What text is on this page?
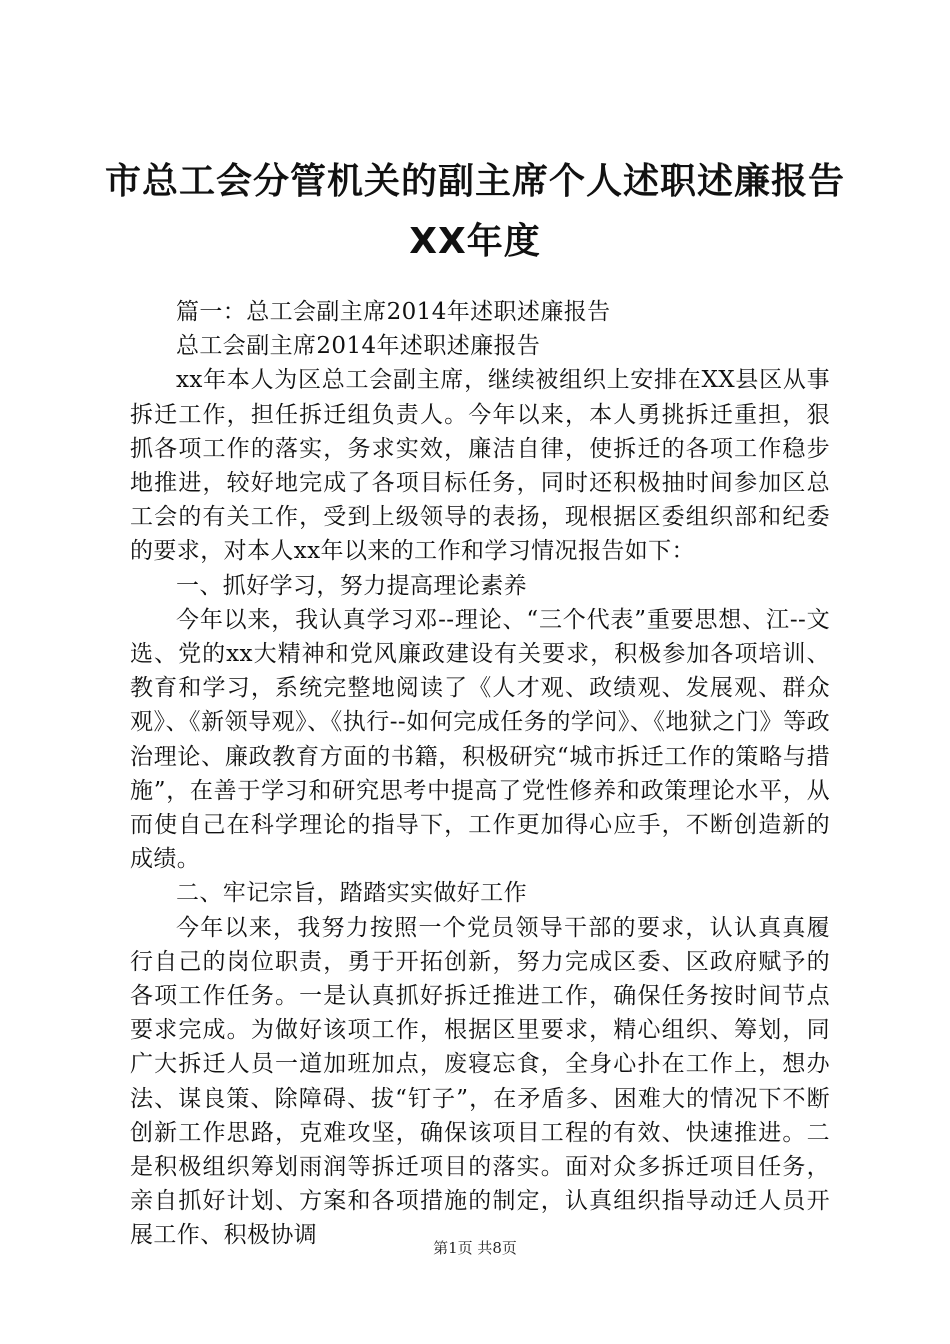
市总工会分管机关的副主席个人述职述廉报告
XX年度

篇一：总工会副主席2014年述职述廉报告

总工会副主席2014年述职述廉报告

xx年本人为区总工会副主席，继续被组织上安排在XX县区从事拆迁工作，担任拆迁组负责人。今年以来，本人勇挑拆迁重担，狠抓各项工作的落实，务求实效，廉洁自律，使拆迁的各项工作稳步地推进，较好地完成了各项目标任务，同时还积极抽时间参加区总工会的有关工作，受到上级领导的表扬，现根据区委组织部和纪委的要求，对本人xx年以来的工作和学习情况报告如下：

一、抓好学习，努力提高理论素养

今年以来，我认真学习邓--理论、“三个代表”重要思想、江--文选、党的xx大精神和党风廉政建设有关要求，积极参加各项培训、教育和学习，系统完整地阅读了《人才观、政绩观、发展观、群众观》、《新领导观》、《执行--如何完成任务的学问》、《地狱之门》等政治理论、廉政教育方面的书籍，积极研究“城市拆迁工作的策略与措施”，在善于学习和研究思考中提高了党性修养和政策理论水平，从而使自己在科学理论的指导下，工作更加得心应手，不断创造新的成绩。

二、牢记宗旨，踏踏实实做好工作

今年以来，我努力按照一个党员领导干部的要求，认认真真履行自己的岗位职责，勇于开拓创新，努力完成区委、区政府赋予的各项工作任务。一是认真抓好拆迁推进工作，确保任务按时间节点要求完成。为做好该项工作，根据区里要求，精心组织、筹划，同广大拆迁人员一道加班加点，废寝忘食，全身心扑在工作上，想办法、谋良策、除障碍、拔“钉子”，在矛盾多、困难大的情况下不断创新工作思路，克难攻坚，确保该项目工程的有效、快速推进。二是积极组织筹划雨润等拆迁项目的落实。面对众多拆迁项目任务，亲自抓好计划、方案和各项措施的制定，认真组织指导动迁人员开展工作、积极协调	第1页 共8页
